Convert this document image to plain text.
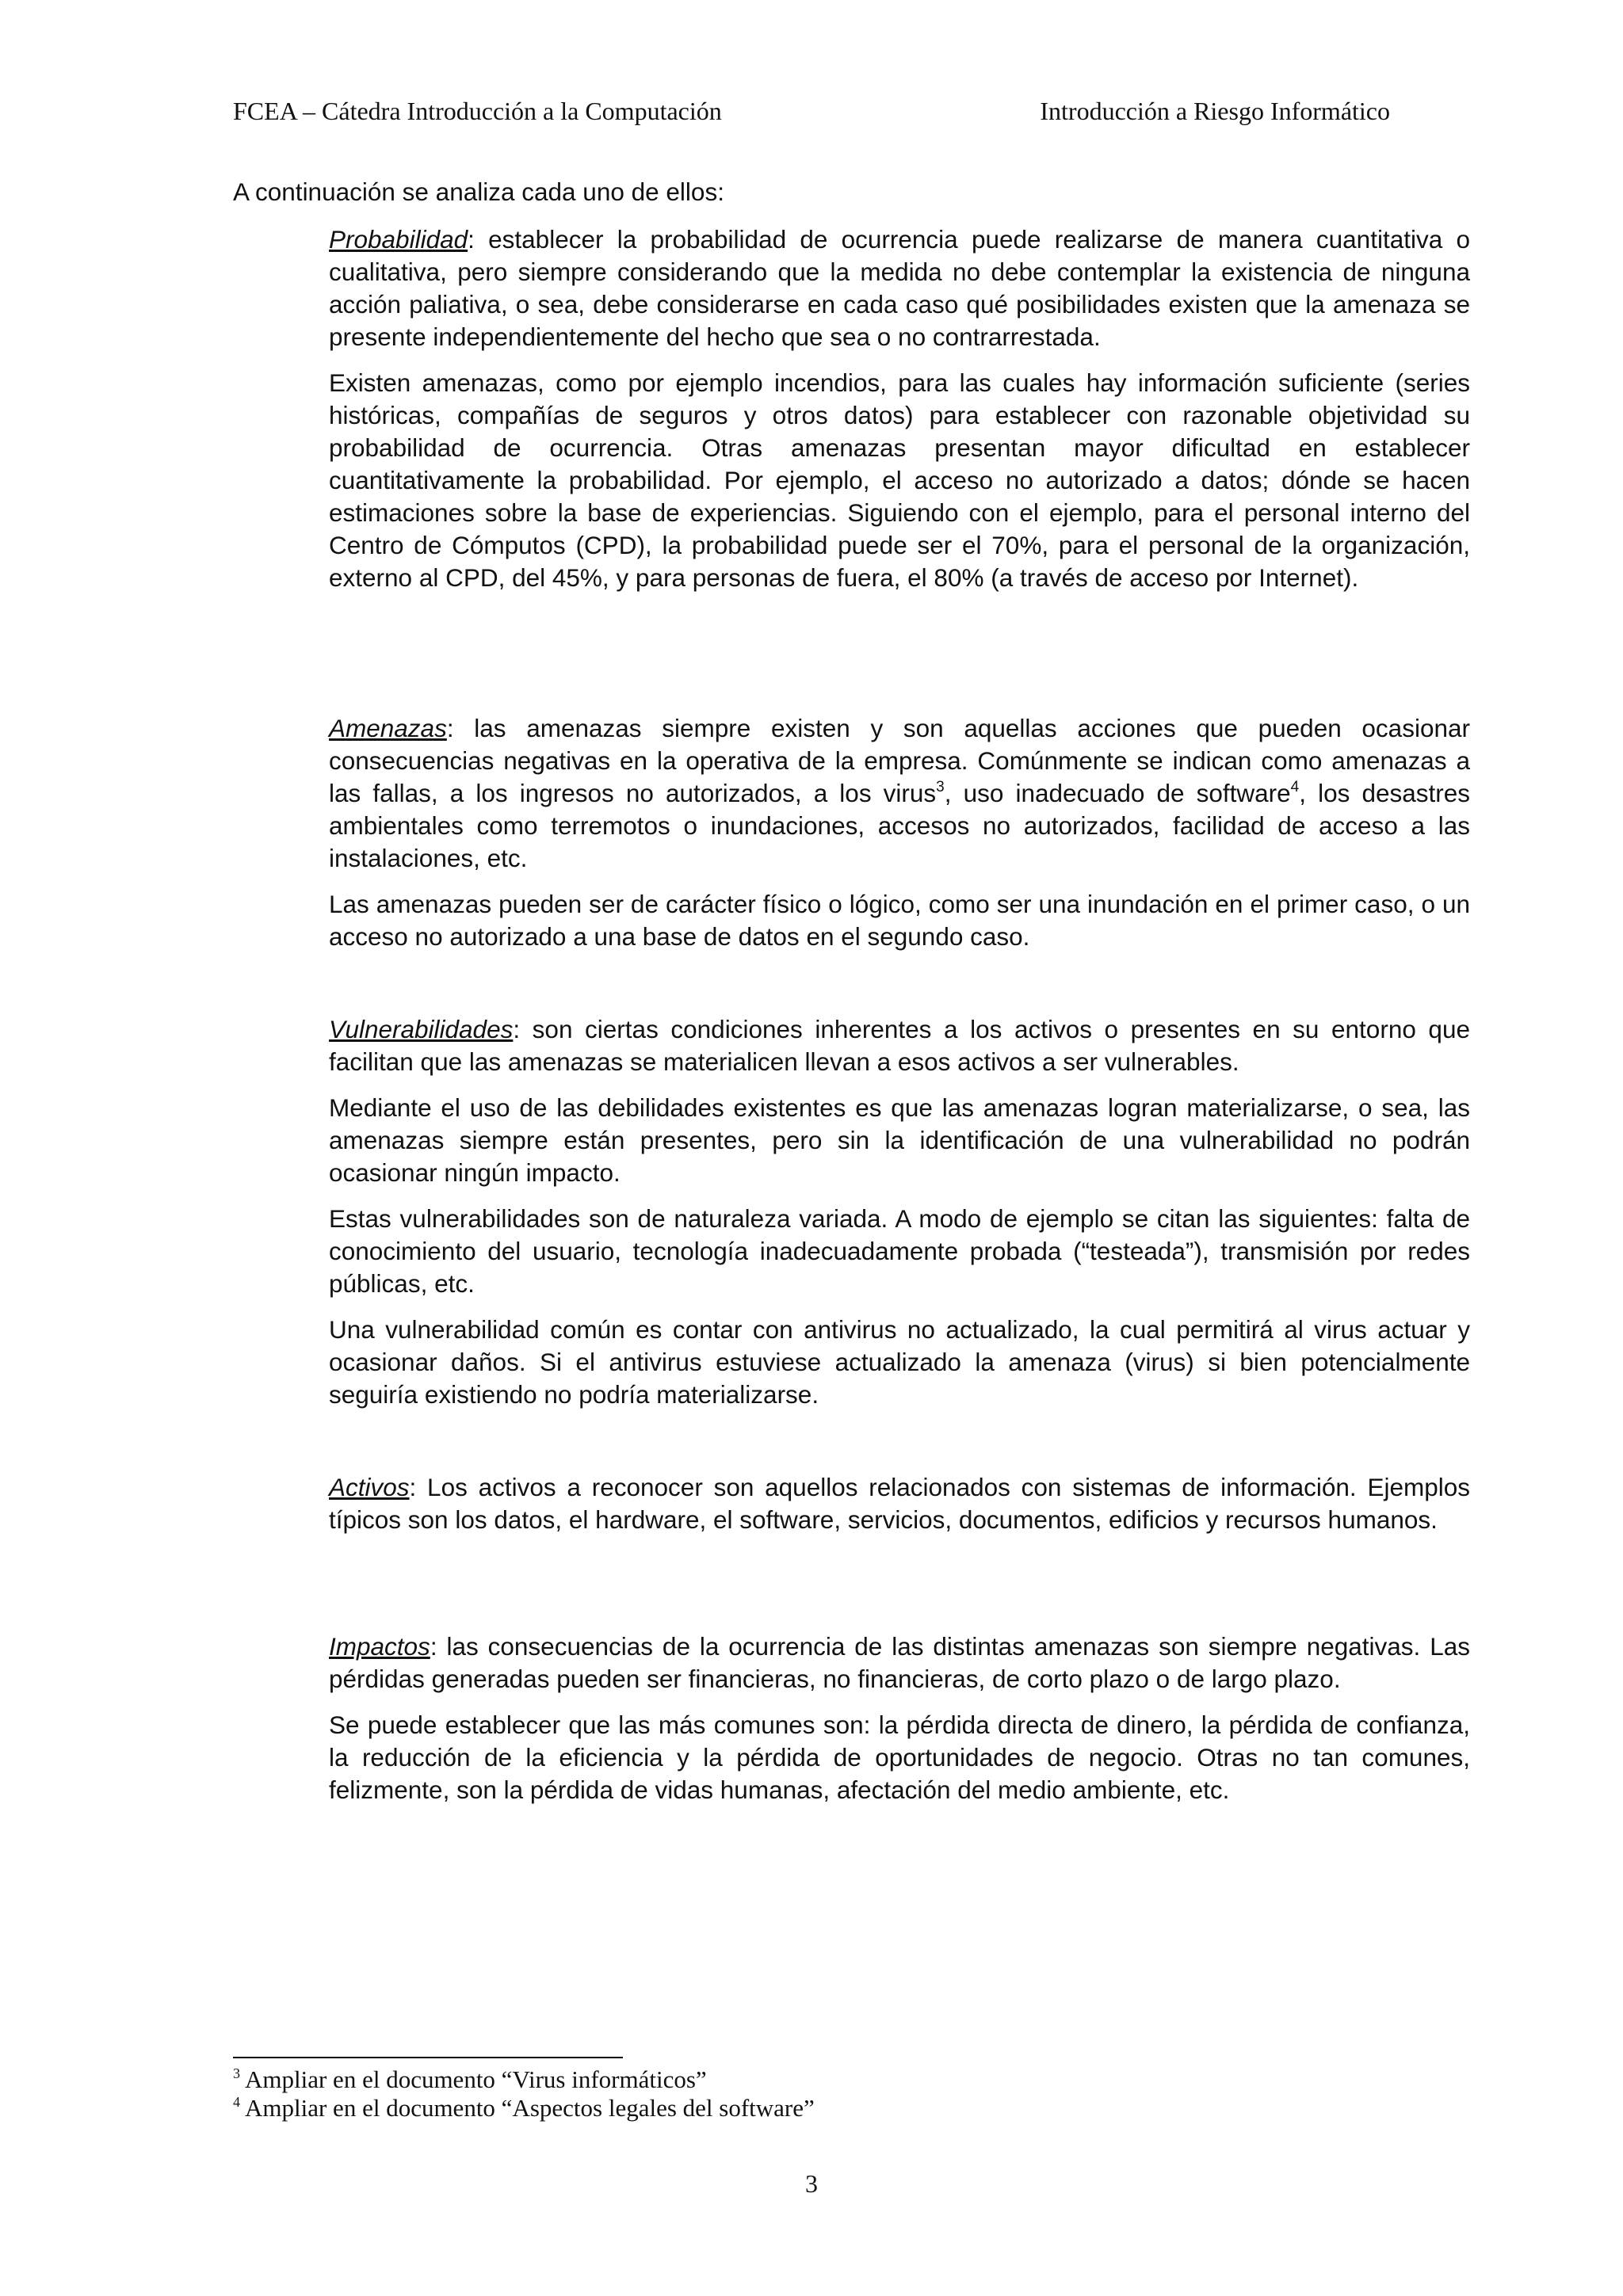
FCEA – Cátedra Introducción a la Computación	Introducción a Riesgo Informático
A continuación se analiza cada uno de ellos:

Probabilidad: establecer la probabilidad de ocurrencia puede realizarse de manera cuantitativa o cualitativa, pero siempre considerando que la medida no debe contemplar la existencia de ninguna acción paliativa, o sea, debe considerarse en cada caso qué posibilidades existen que la amenaza se presente independientemente del hecho que sea o no contrarrestada.

Existen amenazas, como por ejemplo incendios, para las cuales hay información suficiente (series históricas, compañías de seguros y otros datos) para establecer con razonable objetividad su probabilidad de ocurrencia. Otras amenazas presentan mayor dificultad en establecer cuantitativamente la probabilidad. Por ejemplo, el acceso no autorizado a datos; dónde se hacen estimaciones sobre la base de experiencias. Siguiendo con el ejemplo, para el personal interno del Centro de Cómputos (CPD), la probabilidad puede ser el 70%, para el personal de la organización, externo al CPD, del 45%, y para personas de fuera, el 80% (a través de acceso por Internet).

Amenazas: las amenazas siempre existen y son aquellas acciones que pueden ocasionar consecuencias negativas en la operativa de la empresa. Comúnmente se indican como amenazas a las fallas, a los ingresos no autorizados, a los virus$^3$, uso inadecuado de software$^4$, los desastres ambientales como terremotos o inundaciones, accesos no autorizados, facilidad de acceso a las instalaciones, etc.

Las amenazas pueden ser de carácter físico o lógico, como ser una inundación en el primer caso, o un acceso no autorizado a una base de datos en el segundo caso.

Vulnerabilidades: son ciertas condiciones inherentes a los activos o presentes en su entorno que facilitan que las amenazas se materialicen llevan a esos activos a ser vulnerables.

Mediante el uso de las debilidades existentes es que las amenazas logran materializarse, o sea, las amenazas siempre están presentes, pero sin la identificación de una vulnerabilidad no podrán ocasionar ningún impacto.

Estas vulnerabilidades son de naturaleza variada. A modo de ejemplo se citan las siguientes: falta de conocimiento del usuario, tecnología inadecuadamente probada (“testeada”), transmisión por redes públicas, etc.

Una vulnerabilidad común es contar con antivirus no actualizado, la cual permitirá al virus actuar y ocasionar daños. Si el antivirus estuviese actualizado la amenaza (virus) si bien potencialmente seguiría existiendo no podría materializarse.

Activos: Los activos a reconocer son aquellos relacionados con sistemas de información. Ejemplos típicos son los datos, el hardware, el software, servicios, documentos, edificios y recursos humanos.

Impactos: las consecuencias de la ocurrencia de las distintas amenazas son siempre negativas. Las pérdidas generadas pueden ser financieras, no financieras, de corto plazo o de largo plazo.

Se puede establecer que las más comunes son: la pérdida directa de dinero, la pérdida de confianza, la reducción de la eficiencia y la pérdida de oportunidades de negocio. Otras no tan comunes, felizmente, son la pérdida de vidas humanas, afectación del medio ambiente, etc.

$^3$ Ampliar en el documento “Virus informáticos”
$^4$ Ampliar en el documento “Aspectos legales del software”
3
